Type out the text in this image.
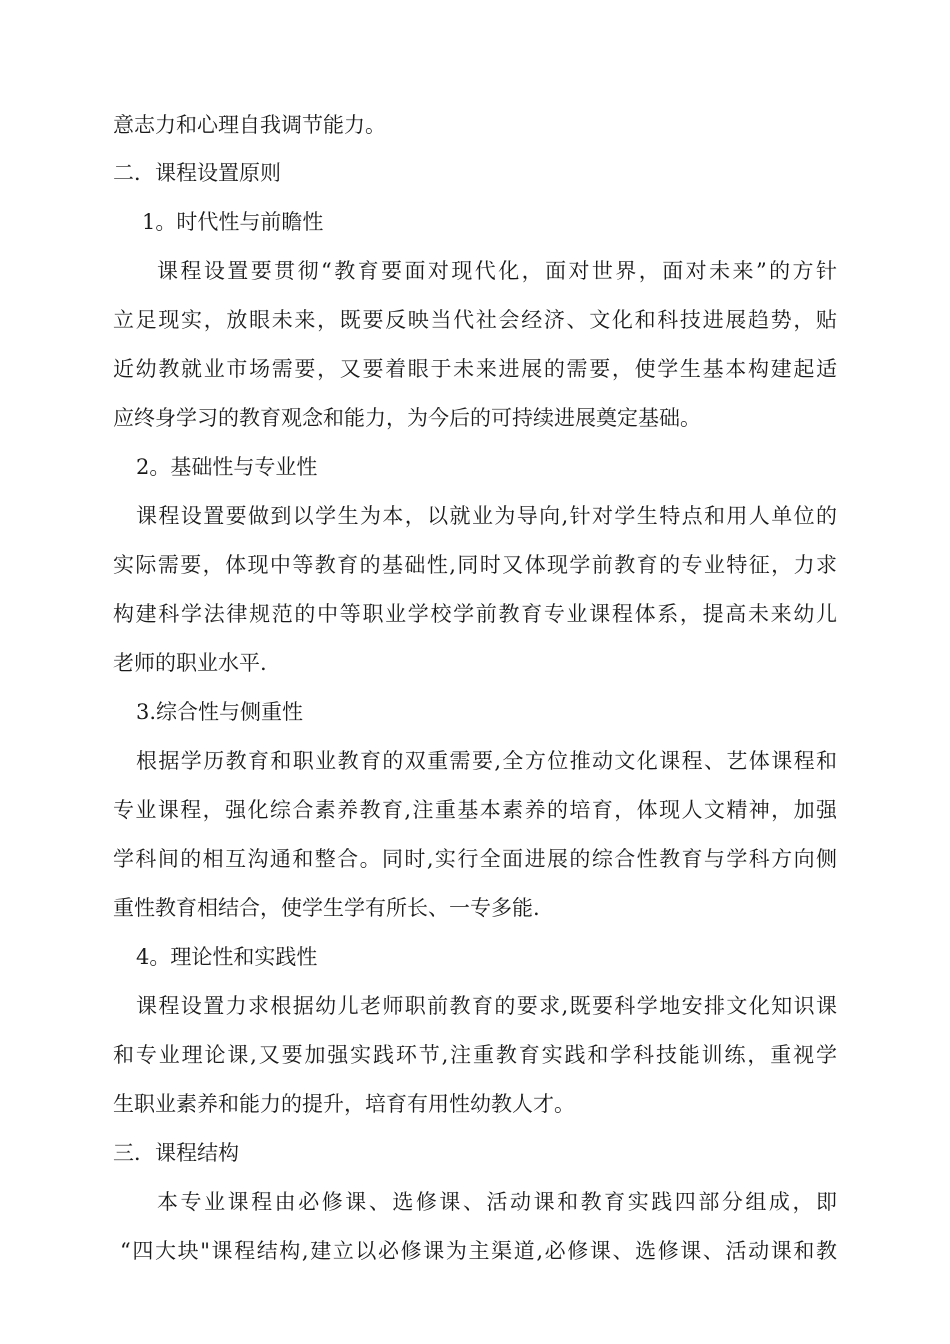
意志力和心理自我调节能力。
二．课程设置原则
1。时代性与前瞻性
课程设置要贯彻“教育要面对现代化，面对世界，面对未来”的方针
立足现实，放眼未来，既要反映当代社会经济、文化和科技进展趋势，贴
近幼教就业市场需要，又要着眼于未来进展的需要，使学生基本构建起适
应终身学习的教育观念和能力，为今后的可持续进展奠定基础。
2。基础性与专业性
课程设置要做到以学生为本，以就业为导向,针对学生特点和用人单位的
实际需要，体现中等教育的基础性,同时又体现学前教育的专业特征，力求
构建科学法律规范的中等职业学校学前教育专业课程体系，提高未来幼儿
老师的职业水平.
3.综合性与侧重性
根据学历教育和职业教育的双重需要,全方位推动文化课程、艺体课程和
专业课程，强化综合素养教育,注重基本素养的培育，体现人文精神，加强
学科间的相互沟通和整合。同时,实行全面进展的综合性教育与学科方向侧
重性教育相结合，使学生学有所长、一专多能.
4。理论性和实践性
课程设置力求根据幼儿老师职前教育的要求,既要科学地安排文化知识课
和专业理论课,又要加强实践环节,注重教育实践和学科技能训练，重视学
生职业素养和能力的提升，培育有用性幼教人才。
三．课程结构
本专业课程由必修课、选修课、活动课和教育实践四部分组成，即
“四大块"课程结构,建立以必修课为主渠道,必修课、选修课、活动课和教
